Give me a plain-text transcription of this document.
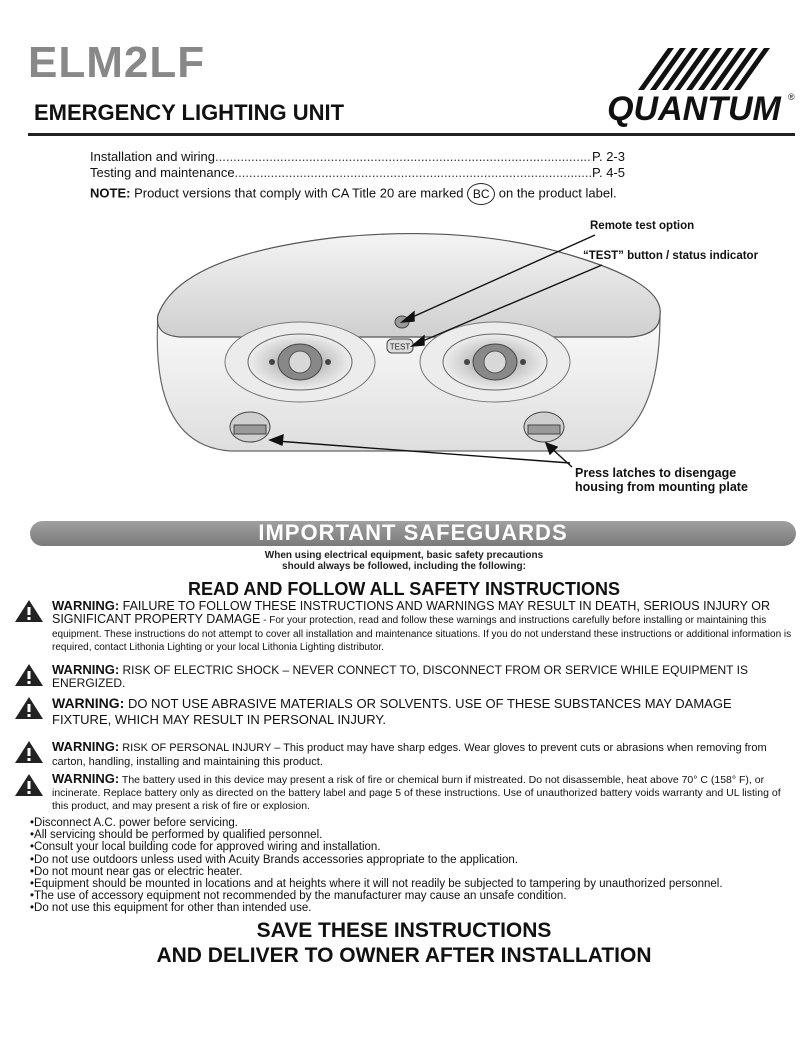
ELM2LF
EMERGENCY LIGHTING UNIT	QUANTUM ®
Installation and wiring .....	P. 2-3
Testing and maintenance .....	P. 4-5
NOTE: Product versions that comply with CA Title 20 are marked BC on the product label.
TEST
Remote test option
“TEST” button / status indicator
Press latches to disengage
housing from mounting plate
IMPORTANT SAFEGUARDS
When using electrical equipment, basic safety precautions
should always be followed, including the following:
READ AND FOLLOW ALL SAFETY INSTRUCTIONS
WARNING: FAILURE TO FOLLOW THESE INSTRUCTIONS AND WARNINGS MAY RESULT IN DEATH, SERIOUS INJURY OR SIGNIFICANT PROPERTY DAMAGE - For your protection, read and follow these warnings and instructions carefully before installing or maintaining this equipment. These instructions do not attempt to cover all installation and maintenance situations. If you do not understand these instructions or additional information is required, contact Lithonia Lighting or your local Lithonia Lighting distributor.
WARNING: RISK OF ELECTRIC SHOCK – NEVER CONNECT TO, DISCONNECT FROM OR SERVICE WHILE EQUIPMENT IS ENERGIZED.
WARNING: DO NOT USE ABRASIVE MATERIALS OR SOLVENTS. USE OF THESE SUBSTANCES MAY DAMAGE FIXTURE, WHICH MAY RESULT IN PERSONAL INJURY.
WARNING: RISK OF PERSONAL INJURY – This product may have sharp edges. Wear gloves to prevent cuts or abrasions when removing from carton, handling, installing and maintaining this product.
WARNING: The battery used in this device may present a risk of fire or chemical burn if mistreated. Do not disassemble, heat above 70° C (158° F), or incinerate. Replace battery only as directed on the battery label and page 5 of these instructions. Use of unauthorized battery voids warranty and UL listing of this product, and may present a risk of fire or explosion.
•Disconnect A.C. power before servicing.
•All servicing should be performed by qualified personnel.
•Consult your local building code for approved wiring and installation.
•Do not use outdoors unless used with Acuity Brands accessories appropriate to the application.
•Do not mount near gas or electric heater.
•Equipment should be mounted in locations and at heights where it will not readily be subjected to tampering by unauthorized personnel.
•The use of accessory equipment not recommended by the manufacturer may cause an unsafe condition.
•Do not use this equipment for other than intended use.
SAVE THESE INSTRUCTIONS
AND DELIVER TO OWNER AFTER INSTALLATION
